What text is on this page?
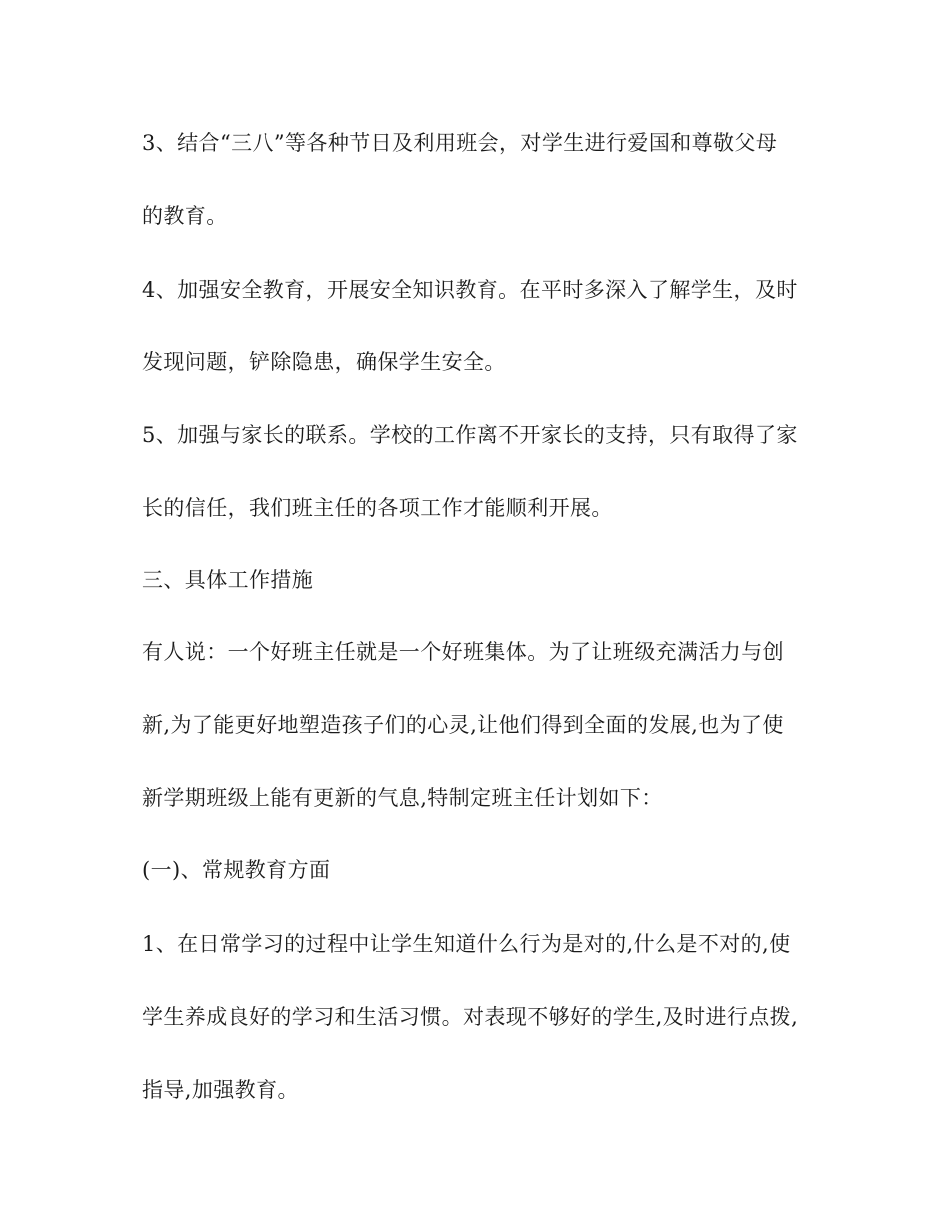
3、结合“三八”等各种节日及利用班会，对学生进行爱国和尊敬父母

的教育。

4、加强安全教育，开展安全知识教育。在平时多深入了解学生，及时

发现问题，铲除隐患，确保学生安全。

5、加强与家长的联系。学校的工作离不开家长的支持，只有取得了家

长的信任，我们班主任的各项工作才能顺利开展。

三、具体工作措施

有人说：一个好班主任就是一个好班集体。为了让班级充满活力与创

新,为了能更好地塑造孩子们的心灵,让他们得到全面的发展,也为了使

新学期班级上能有更新的气息,特制定班主任计划如下：

(一)、常规教育方面

1、在日常学习的过程中让学生知道什么行为是对的,什么是不对的,使

学生养成良好的学习和生活习惯。对表现不够好的学生,及时进行点拨,

指导,加强教育。
